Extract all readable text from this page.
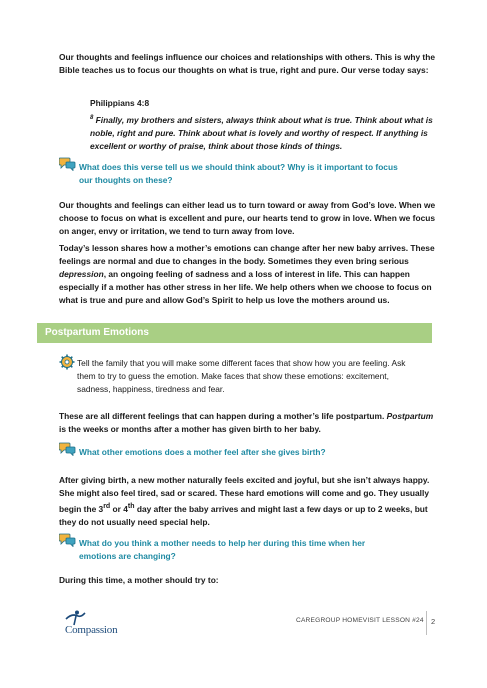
Our thoughts and feelings influence our choices and relationships with others. This is why the Bible teaches us to focus our thoughts on what is true, right and pure. Our verse today says:

Philippians 4:8

$^8$ Finally, my brothers and sisters, always think about what is true. Think about what is noble, right and pure. Think about what is lovely and worthy of respect. If anything is excellent or worthy of praise, think about those kinds of things.

What does this verse tell us we should think about? Why is it important to focus our thoughts on these?

Our thoughts and feelings can either lead us to turn toward or away from God’s love. When we choose to focus on what is excellent and pure, our hearts tend to grow in love. When we focus on anger, envy or irritation, we tend to turn away from love.

Today’s lesson shares how a mother’s emotions can change after her new baby arrives. These feelings are normal and due to changes in the body. Sometimes they even bring serious depression, an ongoing feeling of sadness and a loss of interest in life. This can happen especially if a mother has other stress in her life. We help others when we choose to focus on what is true and pure and allow God’s Spirit to help us love the mothers around us.

Postpartum Emotions

Tell the family that you will make some different faces that show how you are feeling. Ask them to try to guess the emotion. Make faces that show these emotions: excitement, sadness, happiness, tiredness and fear.

These are all different feelings that can happen during a mother’s life postpartum. Postpartum is the weeks or months after a mother has given birth to her baby.

What other emotions does a mother feel after she gives birth?

After giving birth, a new mother naturally feels excited and joyful, but she isn’t always happy. She might also feel tired, sad or scared. These hard emotions will come and go. They usually begin the 3rd or 4th day after the baby arrives and might last a few days or up to 2 weeks, but they do not usually need special help.

What do you think a mother needs to help her during this time when her emotions are changing?

During this time, a mother should try to:

Compassion
CAREGROUP HOMEVISIT LESSON #24 2
